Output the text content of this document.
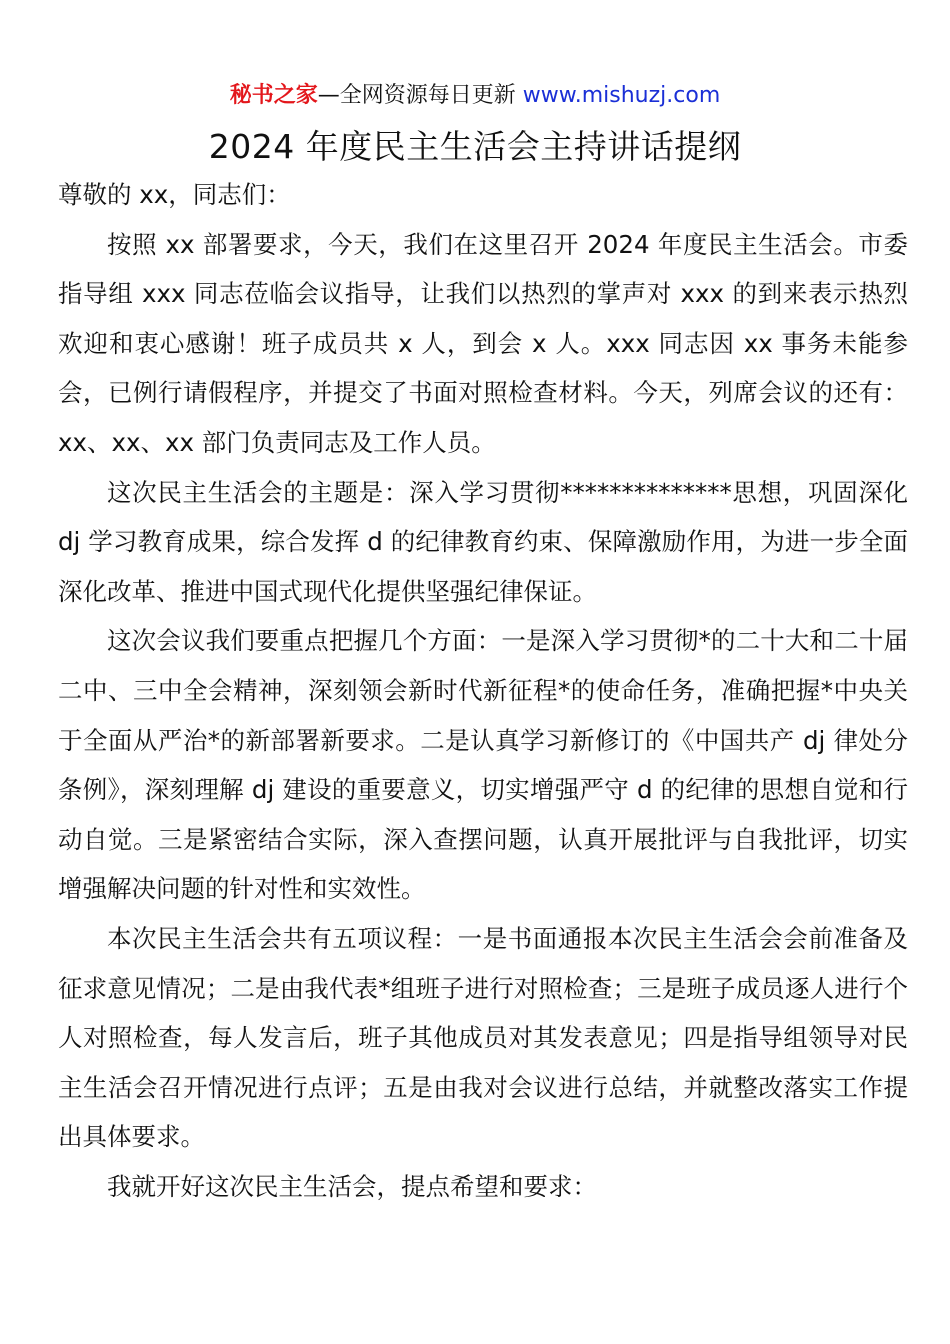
秘书之家—全网资源每日更新 www.mishuzj.com
2024 年度民主生活会主持讲话提纲

尊敬的 xx，同志们：

按照 xx 部署要求，今天，我们在这里召开 2024 年度民主生活会。市委指导组 xxx 同志莅临会议指导，让我们以热烈的掌声对 xxx 的到来表示热烈欢迎和衷心感谢！班子成员共 x 人，到会 x 人。xxx 同志因 xx 事务未能参会，已例行请假程序，并提交了书面对照检查材料。今天，列席会议的还有：xx、xx、xx 部门负责同志及工作人员。

这次民主生活会的主题是：深入学习贯彻**************思想，巩固深化 dj 学习教育成果，综合发挥 d 的纪律教育约束、保障激励作用，为进一步全面深化改革、推进中国式现代化提供坚强纪律保证。

这次会议我们要重点把握几个方面：一是深入学习贯彻*的二十大和二十届二中、三中全会精神，深刻领会新时代新征程*的使命任务，准确把握*中央关于全面从严治*的新部署新要求。二是认真学习新修订的《中国共产 dj 律处分条例》，深刻理解 dj 建设的重要意义，切实增强严守 d 的纪律的思想自觉和行动自觉。三是紧密结合实际，深入查摆问题，认真开展批评与自我批评，切实增强解决问题的针对性和实效性。

本次民主生活会共有五项议程：一是书面通报本次民主生活会会前准备及征求意见情况；二是由我代表*组班子进行对照检查；三是班子成员逐人进行个人对照检查，每人发言后，班子其他成员对其发表意见；四是指导组领导对民主生活会召开情况进行点评；五是由我对会议进行总结，并就整改落实工作提出具体要求。

我就开好这次民主生活会，提点希望和要求：
